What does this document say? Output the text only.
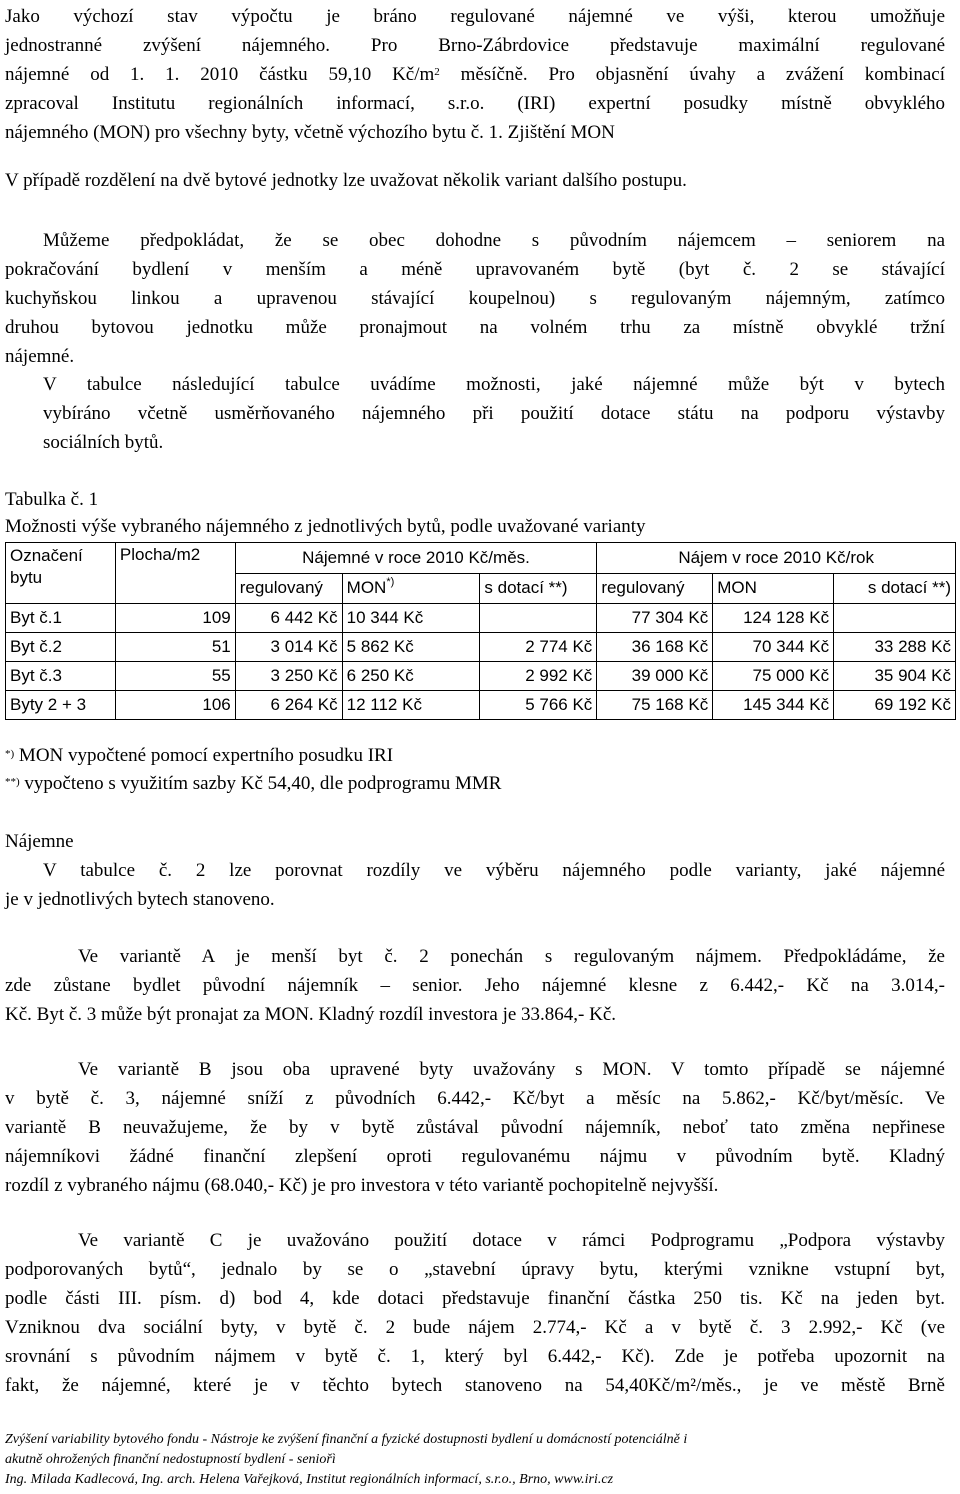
Jako výchozí stav výpočtu je bráno regulované nájemné ve výši, kterou umožňuje
jednostranné zvýšení nájemného. Pro Brno-Zábrdovice představuje maximální regulované
nájemné od 1. 1. 2010 částku 59,10 $Kč/m^2$ měsíčně. Pro objasnění úvahy a zvážení kombinací
zpracoval Institutu regionálních informací, s.r.o. (IRI) expertní posudky místně obvyklého
nájemného (MON) pro všechny byty, včetně výchozího bytu č. 1. Zjištění MON
V případě rozdělení na dvě bytové jednotky lze uvažovat několik variant dalšího postupu.
Můžeme předpokládat, že se obec dohodne s původním nájemcem – seniorem na
pokračování bydlení v menším a méně upravovaném bytě (byt č. 2 se stávající
kuchyňskou linkou a upravenou stávající koupelnou) s regulovaným nájemným, zatímco
druhou bytovou jednotku může pronajmout na volném trhu za místně obvyklé tržní
nájemné.
V tabulce následující tabulce uvádíme možnosti, jaké nájemné může být v bytech
vybíráno včetně usměrňovaného nájemného při použití dotace státu na podporu výstavby
sociálních bytů.
Tabulka č. 1
Možnosti výše vybraného nájemného z jednotlivých bytů, podle uvažované varianty
Označení bytu	Plocha/m2	Nájemné v roce 2010 Kč/měs.			Nájem v roce 2010 Kč/rok		
		regulovaný	MON*)	s dotací **)	regulovaný	MON	s dotací **)
Byt č.1	109	6 442 Kč	10 344 Kč		77 304 Kč	124 128 Kč	
Byt č.2	51	3 014 Kč	5 862 Kč	2 774 Kč	36 168 Kč	70 344 Kč	33 288 Kč
Byt č.3	55	3 250 Kč	6 250 Kč	2 992 Kč	39 000 Kč	75 000 Kč	35 904 Kč
Byty 2 + 3	106	6 264 Kč	12 112 Kč	5 766 Kč	75 168 Kč	145 344 Kč	69 192 Kč
*) MON vypočtené pomocí expertního posudku IRI
**) vypočteno s využitím sazby Kč 54,40, dle podprogramu MMR
Nájemne
V tabulce č. 2 lze porovnat rozdíly ve výběru nájemného podle varianty, jaké nájemné
je v jednotlivých bytech stanoveno.
Ve variantě A je menší byt č. 2 ponechán s regulovaným nájmem. Předpokládáme, že
zde zůstane bydlet původní nájemník – senior. Jeho nájemné klesne z 6.442,- Kč na 3.014,-
Kč. Byt č. 3 může být pronajat za MON. Kladný rozdíl investora je 33.864,- Kč.
Ve variantě B jsou oba upravené byty uvažovány s MON. V tomto případě se nájemné
v bytě č. 3, nájemné sníží z původních 6.442,- Kč/byt a měsíc na 5.862,- Kč/byt/měsíc. Ve
variantě B neuvažujeme, že by v bytě zůstával původní nájemník, neboť tato změna nepřinese
nájemníkovi žádné finanční zlepšení oproti regulovanému nájmu v původním bytě. Kladný
rozdíl z vybraného nájmu (68.040,- Kč) je pro investora v této variantě pochopitelně nejvyšší.
Ve variantě C je uvažováno použití dotace v rámci Podprogramu „Podpora výstavby
podporovaných bytů“, jednalo by se o „stavební úpravy bytu, kterými vznikne vstupní byt,
podle části III. písm. d) bod 4, kde dotaci představuje finanční částka 250 tis. Kč na jeden byt.
Vzniknou dva sociální byty, v bytě č. 2 bude nájem 2.774,- Kč a v bytě č. 3 2.992,- Kč (ve
srovnání s původním nájmem v bytě č. 1, který byl 6.442,- Kč). Zde je potřeba upozornit na
fakt, že nájemné, které je v těchto bytech stanoveno na 54,40Kč/m²/měs., je ve městě Brně
Zvýšení variability bytového fondu - Nástroje ke zvýšení finanční a fyzické dostupnosti bydlení u domácností potenciálně i
akutně ohrožených finanční nedostupností bydlení - seniořì
Ing. Milada Kadlecová, Ing. arch. Helena Vařejková, Institut regionálních informací, s.r.o., Brno, www.iri.cz
